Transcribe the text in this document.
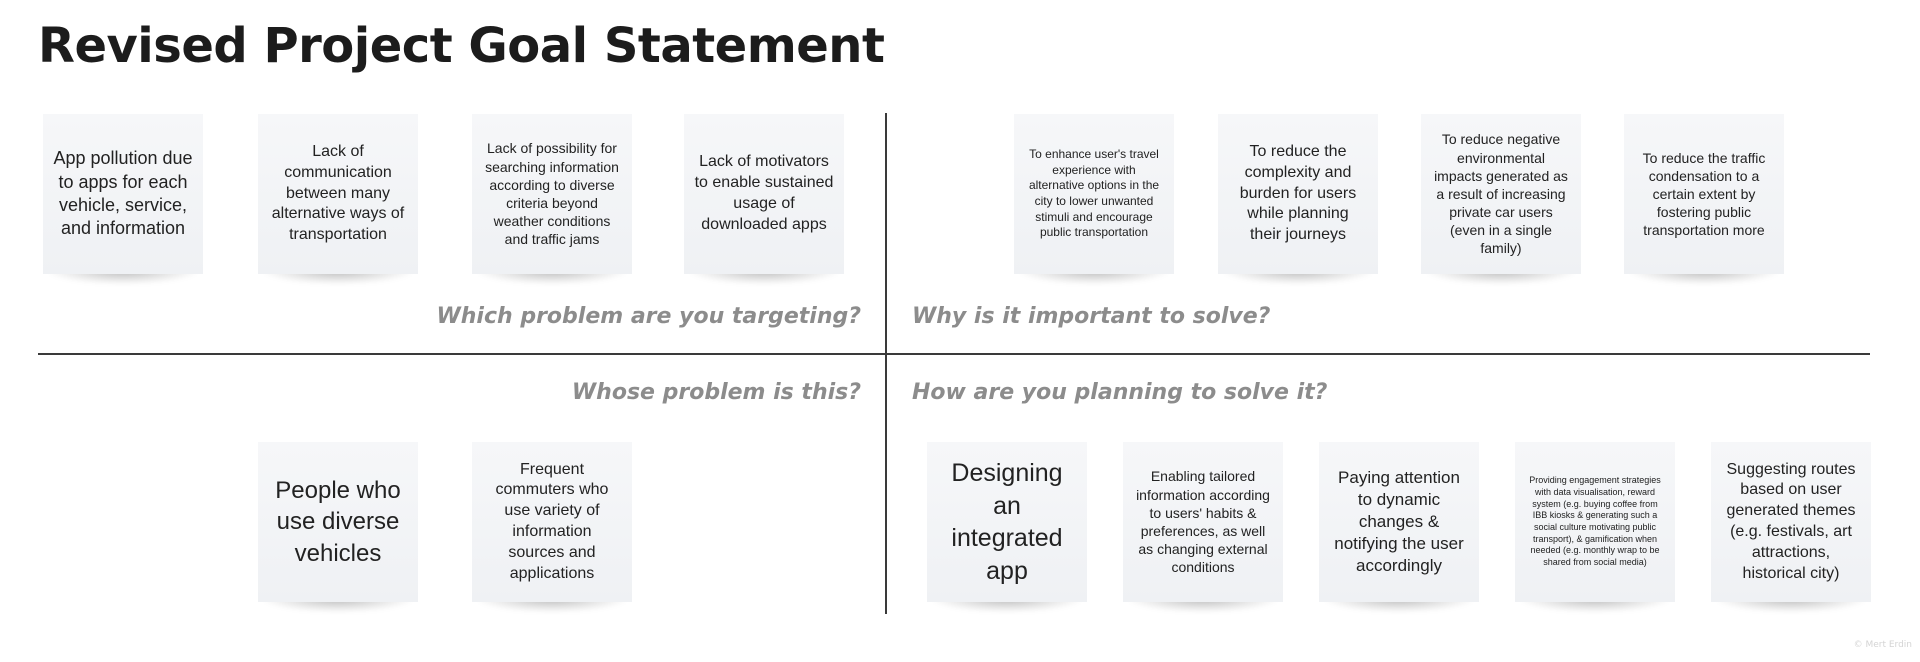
Revised Project Goal Statement

Which problem are you targeting? Why is it important to solve?

Whose problem is this? How are you planning to solve it?

App pollution due to apps for each vehicle, service, and information
Lack of communication between many alternative ways of transportation
Lack of possibility for searching information according to diverse criteria beyond weather conditions and traffic jams
Lack of motivators to enable sustained usage of downloaded apps
To enhance user's travel experience with alternative options in the city to lower unwanted stimuli and encourage public transportation
To reduce the complexity and burden for users while planning their journeys
To reduce negative environmental impacts generated as a result of increasing private car users (even in a single family)
To reduce the traffic condensation to a certain extent by fostering public transportation more
People who use diverse vehicles
Frequent commuters who use variety of information sources and applications
Designing an integrated app
Enabling tailored information according to users' habits & preferences, as well as changing external conditions
Paying attention to dynamic changes & notifying the user accordingly
Providing engagement strategies with data visualisation, reward system (e.g. buying coffee from IBB kiosks & generating such a social culture motivating public transport), & gamification when needed (e.g. monthly wrap to be shared from social media)
Suggesting routes based on user generated themes (e.g. festivals, art attractions, historical city)
© Mert Erdin
